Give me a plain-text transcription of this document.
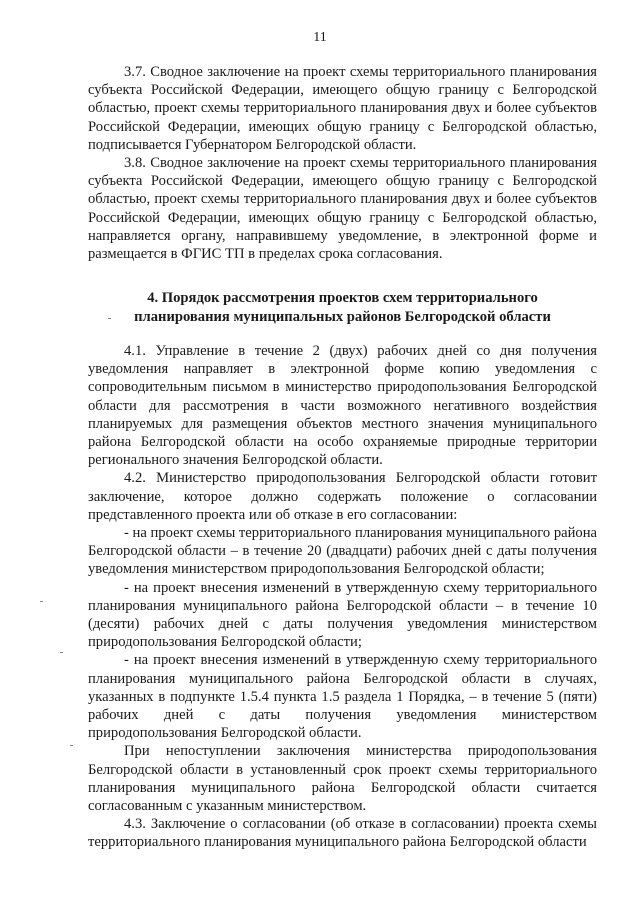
11

3.7. Сводное заключение на проект схемы территориального планирования субъекта Российской Федерации, имеющего общую границу с Белгородской областью, проект схемы территориального планирования двух и более субъектов Российской Федерации, имеющих общую границу с Белгородской областью, подписывается Губернатором Белгородской области.

3.8. Сводное заключение на проект схемы территориального планирования субъекта Российской Федерации, имеющего общую границу с Белгородской областью, проект схемы территориального планирования двух и более субъектов Российской Федерации, имеющих общую границу с Белгородской областью, направляется органу, направившему уведомление, в электронной форме и размещается в ФГИС ТП в пределах срока согласования.

4. Порядок рассмотрения проектов схем территориального
планирования муниципальных районов Белгородской области

4.1. Управление в течение 2 (двух) рабочих дней со дня получения уведомления направляет в электронной форме копию уведомления с сопроводительным письмом в министерство природопользования Белгородской области для рассмотрения в части возможного негативного воздействия планируемых для размещения объектов местного значения муниципального района Белгородской области на особо охраняемые природные территории регионального значения Белгородской области.

4.2. Министерство природопользования Белгородской области готовит заключение, которое должно содержать положение о согласовании представленного проекта или об отказе в его согласовании:

- на проект схемы территориального планирования муниципального района Белгородской области – в течение 20 (двадцати) рабочих дней с даты получения уведомления министерством природопользования Белгородской области;

- на проект внесения изменений в утвержденную схему территориального планирования муниципального района Белгородской области – в течение 10 (десяти) рабочих дней с даты получения уведомления министерством природопользования Белгородской области;

- на проект внесения изменений в утвержденную схему территориального планирования муниципального района Белгородской области в случаях, указанных в подпункте 1.5.4 пункта 1.5 раздела 1 Порядка, – в течение 5 (пяти) рабочих дней с даты получения уведомления министерством природопользования Белгородской области.

При непоступлении заключения министерства природопользования Белгородской области в установленный срок проект схемы территориального планирования муниципального района Белгородской области считается согласованным с указанным министерством.

4.3. Заключение о согласовании (об отказе в согласовании) проекта схемы территориального планирования муниципального района Белгородской области
